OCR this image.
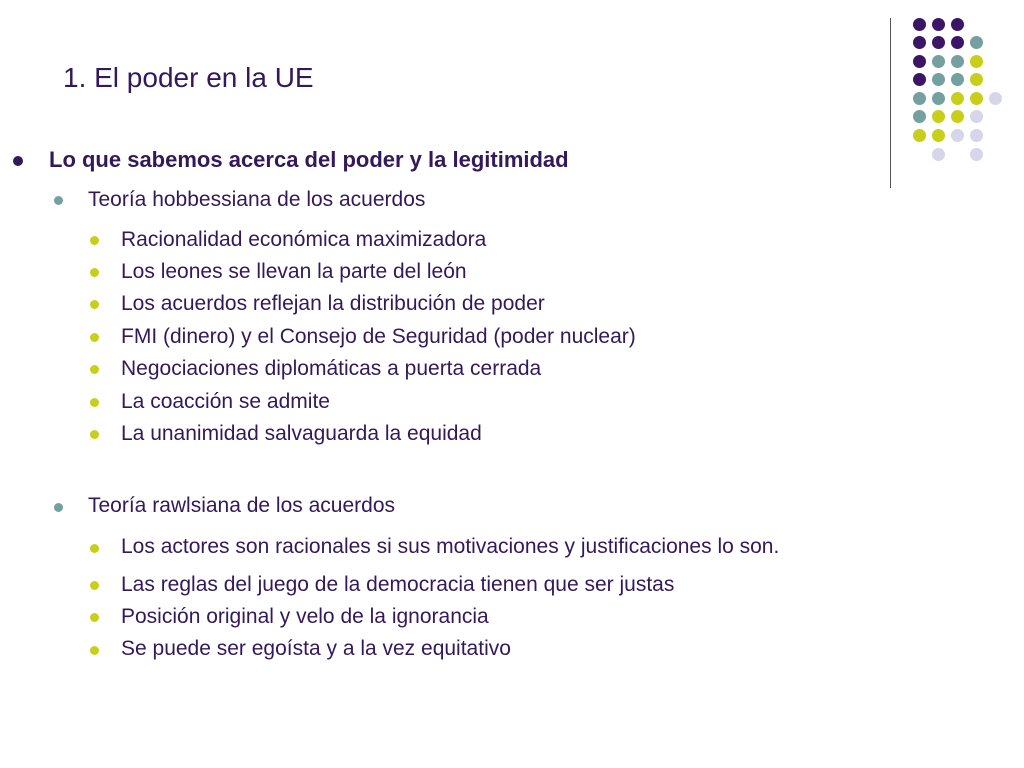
1. El poder en la UE
Lo que sabemos acerca del poder y la legitimidad
Teoría hobbessiana de los acuerdos
Racionalidad económica maximizadora
Los leones se llevan la parte del león
Los acuerdos reflejan la distribución de poder
FMI (dinero) y el Consejo de Seguridad (poder nuclear)
Negociaciones diplomáticas a puerta cerrada
La coacción se admite
La unanimidad salvaguarda la equidad
Teoría rawlsiana de los acuerdos
Los actores son racionales si sus motivaciones y justificaciones lo son.
Las reglas del juego de la democracia tienen que ser justas
Posición original y velo de la ignorancia
Se puede ser egoísta y a la vez equitativo
